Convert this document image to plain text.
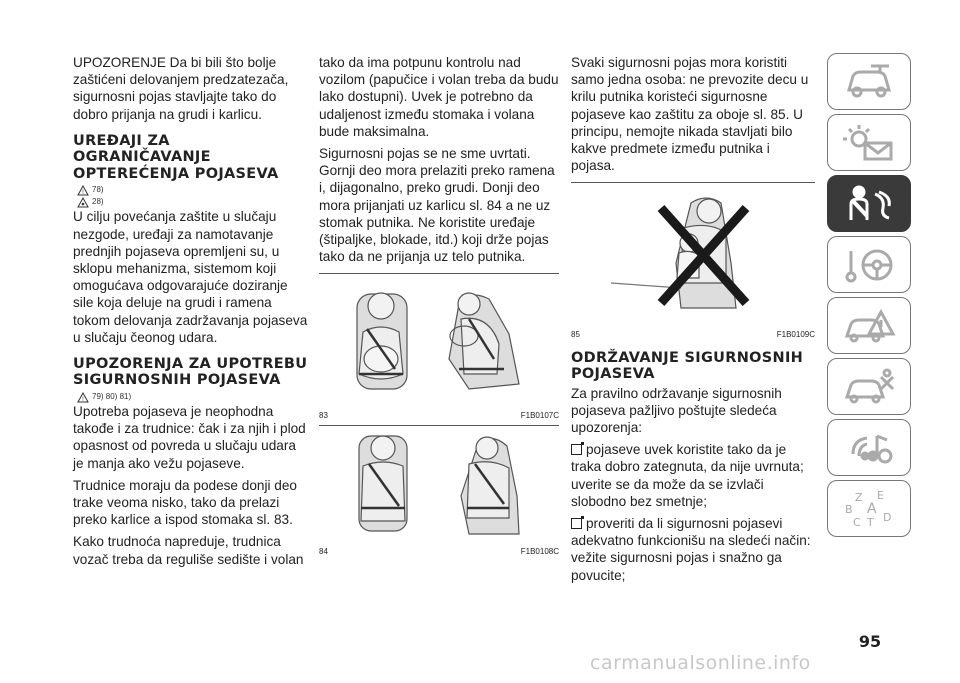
UPOZORENJE Da bi bili što bolje zaštićeni delovanjem predzatezača, sigurnosni pojas stavljajte tako do dobro prijanja na grudi i karlicu.

UREĐAJI ZA OGRANIČAVANJE OPTEREĆENJA POJASEVA
! 78)
28)

U cilju povećanja zaštite u slučaju nezgode, uređaji za namotavanje prednjih pojaseva opremljeni su, u sklopu mehanizma, sistemom koji omogućava odgovarajuće doziranje sile koja deluje na grudi i ramena tokom delovanja zadržavanja pojaseva u slučaju čeonog udara.

UPOZORENJA ZA UPOTREBU SIGURNOSNIH POJASEVA
! 79) 80) 81)

Upotreba pojaseva je neophodna takođe i za trudnice: čak i za njih i plod opasnost od povreda u slučaju udara je manja ako vežu pojaseve.

Trudnice moraju da podese donji deo trake veoma nisko, tako da prelazi preko karlice a ispod stomaka sl. 83.

Kako trudnoća napreduje, trudnica vozač treba da reguliše sedište i volan

tako da ima potpunu kontrolu nad vozilom (papučice i volan treba da budu lako dostupni). Uvek je potrebno da udaljenost između stomaka i volana bude maksimalna.

Sigurnosni pojas se ne sme uvrtati. Gornji deo mora prelaziti preko ramena i, dijagonalno, preko grudi. Donji deo mora prijanjati uz karlicu sl. 84 a ne uz stomak putnika. Ne koristite uređaje (štipaljke, blokade, itd.) koji drže pojas tako da ne prijanja uz telo putnika.

83	F1B0107C
84	F1B0108C

Svaki sigurnosni pojas mora koristiti samo jedna osoba: ne prevozite decu u krilu putnika koristeći sigurnosne pojaseve kao zaštitu za oboje sl. 85. U principu, nemojte nikada stavljati bilo kakve predmete između putnika i pojasa.

85	F1B0109C
ODRŽAVANJE SIGURNOSNIH POJASEVA

Za pravilno održavanje sigurnosnih pojaseva pažljivo poštujte sledeća upozorenja:

pojaseve uvek koristite tako da je traka dobro zategnuta, da nije uvrnuta; uverite se da može da se izvlači slobodno bez smetnje;

proveriti da li sigurnosni pojasevi adekvatno funkcionišu na sledeći način: vežite sigurnosni pojas i snažno ga povucite;

Z E
B A
C T D
95
carmanualsonline.info
